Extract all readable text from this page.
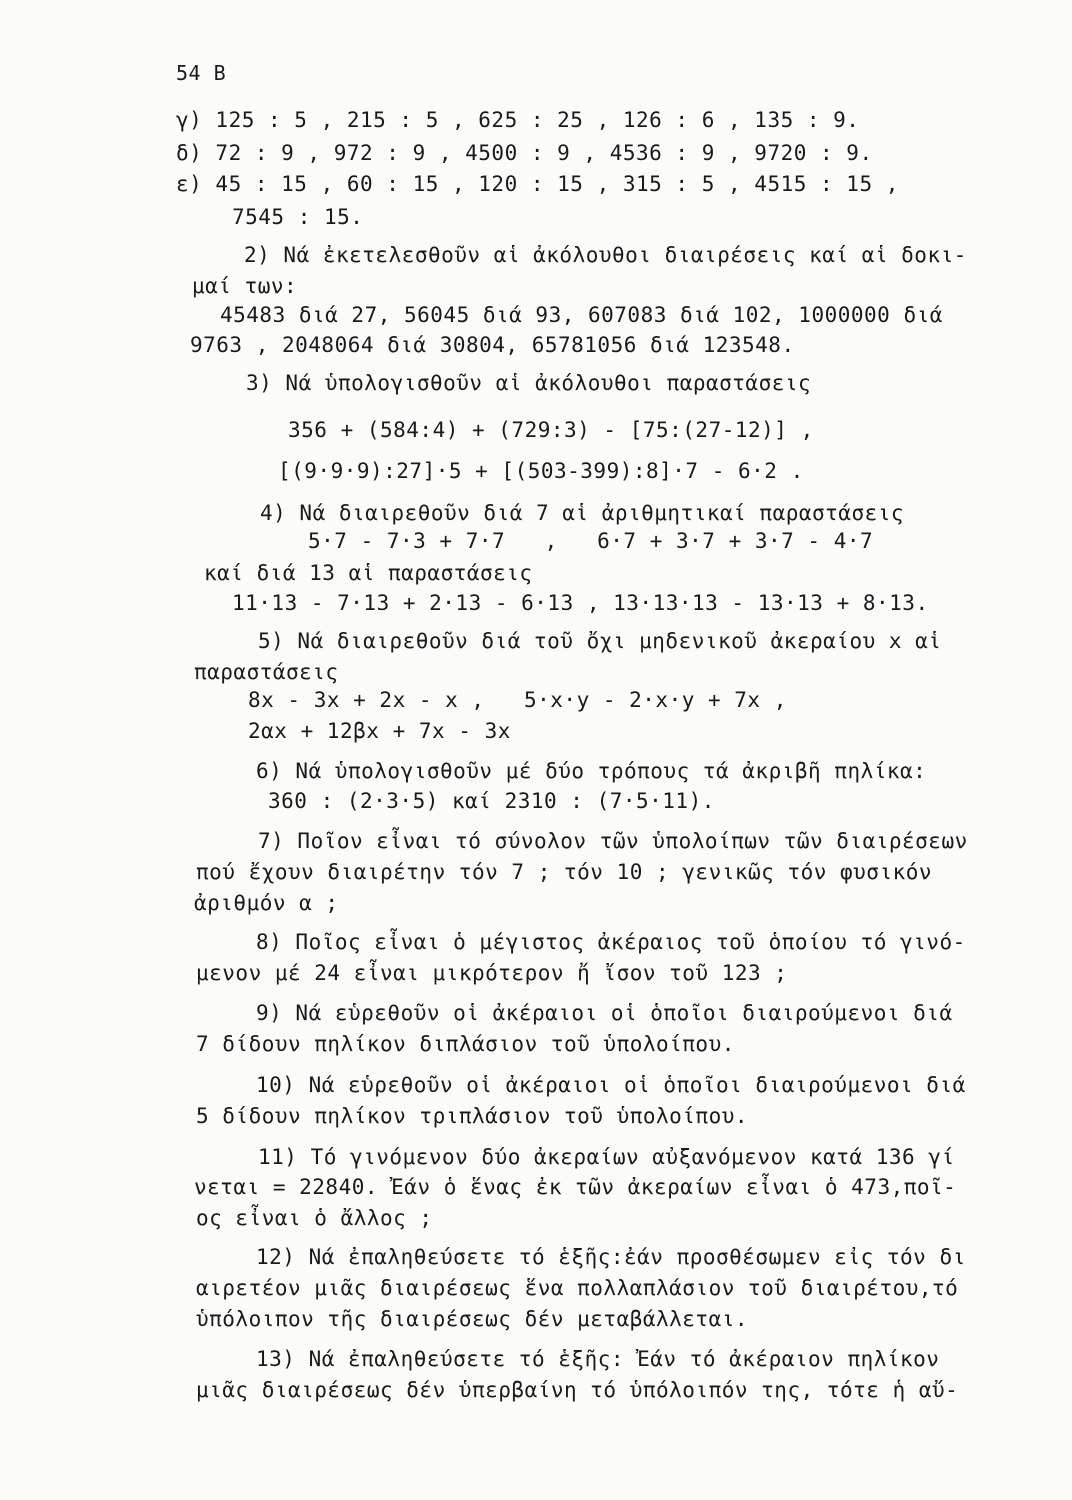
54 B
γ) 125 : 5 , 215 : 5 , 625 : 25 , 126 : 6 , 135 : 9.
δ) 72 : 9 , 972 : 9 , 4500 : 9 , 4536 : 9 , 9720 : 9.
ε) 45 : 15 , 60 : 15 , 120 : 15 , 315 : 5 , 4515 : 15 ,
7545 : 15.
2) Νά ἐκετελεσθοῦν αἱ ἀκόλουθοι διαιρέσεις καί αἱ δοκι-
μαί των:
45483 διά 27, 56045 διά 93, 607083 διά 102, 1000000 διά
9763 , 2048064 διά 30804, 65781056 διά 123548.
3) Νά ὑπολογισθοῦν αἱ ἀκόλουθοι παραστάσεις
356 + (584:4) + (729:3) - [75:(27-12)] ,
[(9·9·9):27]·5 + [(503-399):8]·7 - 6·2 .
4) Νά διαιρεθοῦν διά 7 αἱ ἀριθμητικαί παραστάσεις
5·7 - 7·3 + 7·7   ,   6·7 + 3·7 + 3·7 - 4·7
καί διά 13 αἱ παραστάσεις
11·13 - 7·13 + 2·13 - 6·13 , 13·13·13 - 13·13 + 8·13.
5) Νά διαιρεθοῦν διά τοῦ ὄχι μηδενικοῦ ἀκεραίου x αἱ
παραστάσεις
8x - 3x + 2x - x ,   5·x·y - 2·x·y + 7x ,
2αx + 12βx + 7x - 3x
6) Νά ὑπολογισθοῦν μέ δύο τρόπους τά ἀκριβῆ πηλίκα:
360 : (2·3·5) καί 2310 : (7·5·11).
7) Ποῖον εἶναι τό σύνολον τῶν ὑπολοίπων τῶν διαιρέσεων
πού ἔχουν διαιρέτην τόν 7 ; τόν 10 ; γενικῶς τόν φυσικόν
ἀριθμόν α ;
8) Ποῖος εἶναι ὁ μέγιστος ἀκέραιος τοῦ ὁποίου τό γινό-
μενον μέ 24 εἶναι μικρότερον ἤ ἴσον τοῦ 123 ;
9) Νά εὑρεθοῦν οἱ ἀκέραιοι οἱ ὁποῖοι διαιρούμενοι διά
7 δίδουν πηλίκον διπλάσιον τοῦ ὑπολοίπου.
10) Νά εὑρεθοῦν οἱ ἀκέραιοι οἱ ὁποῖοι διαιρούμενοι διά
5 δίδουν πηλίκον τριπλάσιον τοῦ ὑπολοίπου.
11) Τό γινόμενον δύο ἀκεραίων αὐξανόμενον κατά 136 γί
νεται = 22840. Ἐάν ὁ ἕνας ἐκ τῶν ἀκεραίων εἶναι ὁ 473,ποῖ-
ος εἶναι ὁ ἄλλος ;
12) Νά ἐπαληθεύσετε τό ἑξῆς:ἐάν προσθέσωμεν εἰς τόν δι
αιρετέον μιᾶς διαιρέσεως ἕνα πολλαπλάσιον τοῦ διαιρέτου,τό
ὑπόλοιπον τῆς διαιρέσεως δέν μεταβάλλεται.
13) Νά ἐπαληθεύσετε τό ἑξῆς: Ἐάν τό ἀκέραιον πηλίκον
μιᾶς διαιρέσεως δέν ὑπερβαίνη τό ὑπόλοιπόν της, τότε ἡ αὔ-
